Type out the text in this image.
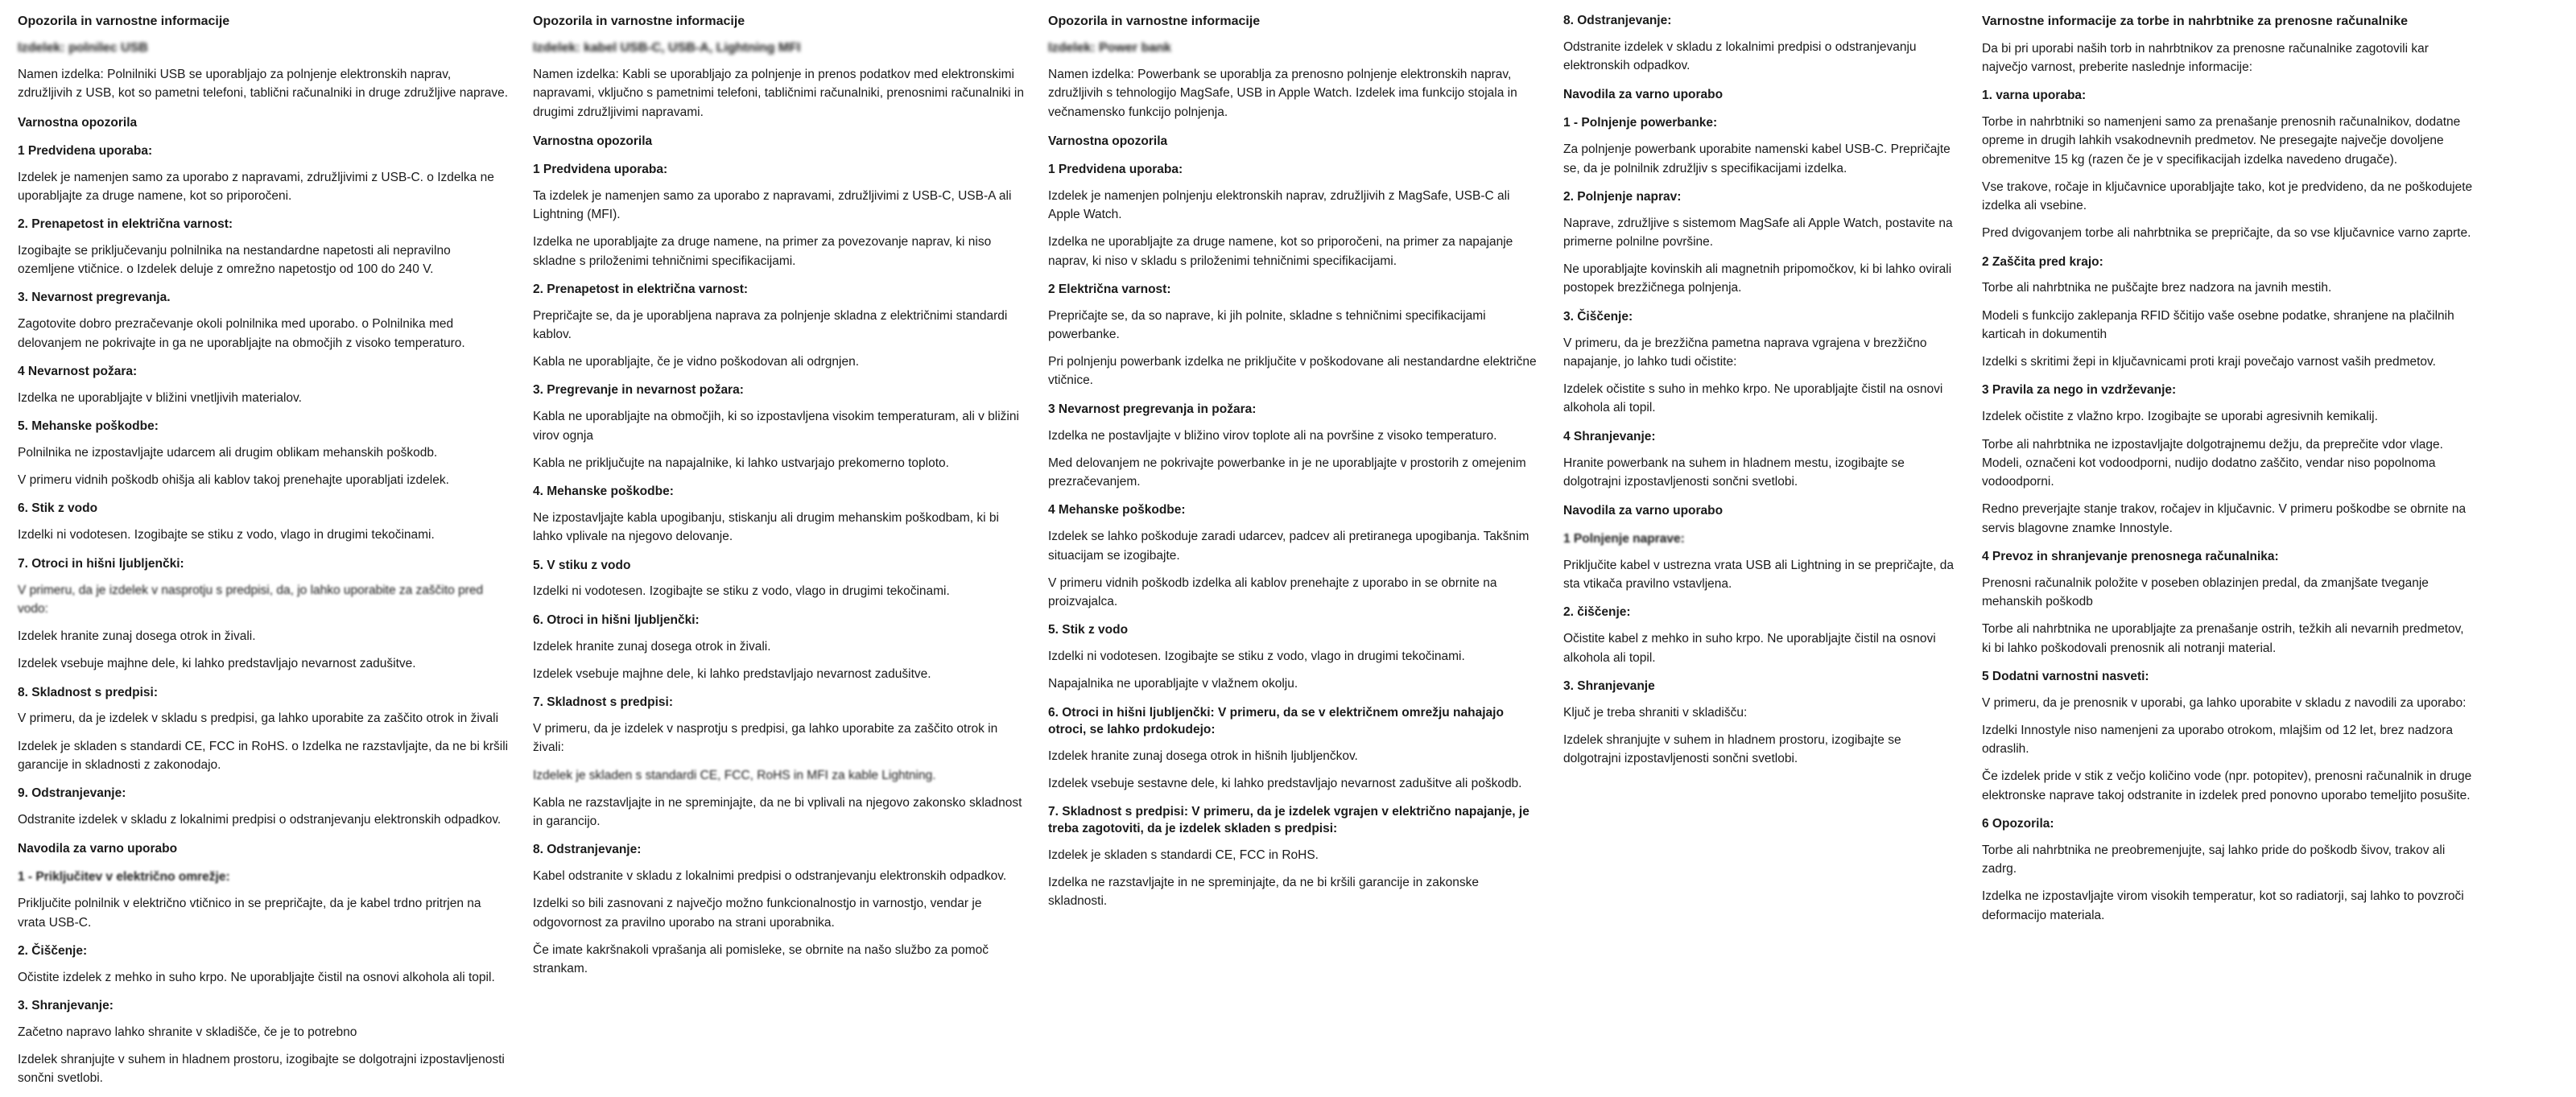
Opozorila in varnostne informacije
Izdelek: polnilec USB
Namen izdelka: Polnilniki USB se uporabljajo za polnjenje elektronskih naprav, združljivih z USB, kot so pametni telefoni, tablični računalniki in druge združljive naprave.
Varnostna opozorila
1 Predvidena uporaba:
Izdelek je namenjen samo za uporabo z napravami, združljivimi z USB-C. o Izdelka ne uporabljajte za druge namene, kot so priporočeni.
2. Prenapetost in električna varnost:
Izogibajte se priključevanju polnilnika na nestandardne napetosti ali nepravilno ozemljene vtičnice. o Izdelek deluje z omrežno napetostjo od 100 do 240 V.
3. Nevarnost pregrevanja.
Zagotovite dobro prezračevanje okoli polnilnika med uporabo. o Polnilnika med delovanjem ne pokrivajte in ga ne uporabljajte na območjih z visoko temperaturo.
4 Nevarnost požara:
Izdelka ne uporabljajte v bližini vnetljivih materialov.
5. Mehanske poškodbe:
Polnilnika ne izpostavljajte udarcem ali drugim oblikam mehanskih poškodb.
V primeru vidnih poškodb ohišja ali kablov takoj prenehajte uporabljati izdelek.
6. Stik z vodo
Izdelki ni vodotesen. Izogibajte se stiku z vodo, vlago in drugimi tekočinami.
7. Otroci in hišni ljubljenčki:
V primeru, da je izdelek v nasprotju s predpisi, da, jo lahko uporabite za zaščito pred vodo:
Izdelek hranite zunaj dosega otrok in živali.
Izdelek vsebuje majhne dele, ki lahko predstavljajo nevarnost zadušitve.
8. Skladnost s predpisi:
V primeru, da je izdelek v skladu s predpisi, ga lahko uporabite za zaščito otrok in živali
Izdelek je skladen s standardi CE, FCC in RoHS. o Izdelka ne razstavljajte, da ne bi kršili garancije in skladnosti z zakonodajo.
9. Odstranjevanje:
Odstranite izdelek v skladu z lokalnimi predpisi o odstranjevanju elektronskih odpadkov.
Navodila za varno uporabo
1 - Priključitev v električno omrežje:
Priključite polnilnik v električno vtičnico in se prepričajte, da je kabel trdno pritrjen na vrata USB-C.
2. Čiščenje:
Očistite izdelek z mehko in suho krpo. Ne uporabljajte čistil na osnovi alkohola ali topil.
3. Shranjevanje:
Začetno napravo lahko shranite v skladišče, če je to potrebno
Izdelek shranjujte v suhem in hladnem prostoru, izogibajte se dolgotrajni izpostavljenosti sončni svetlobi.
Opozorila in varnostne informacije
Izdelek: kabel USB-C, USB-A, Lightning MFI
Namen izdelka: Kabli se uporabljajo za polnjenje in prenos podatkov med elektronskimi napravami, vključno s pametnimi telefoni, tabličnimi računalniki, prenosnimi računalniki in drugimi združljivimi napravami.
Varnostna opozorila
1 Predvidena uporaba:
Ta izdelek je namenjen samo za uporabo z napravami, združljivimi z USB-C, USB-A ali Lightning (MFI).
Izdelka ne uporabljajte za druge namene, na primer za povezovanje naprav, ki niso skladne s priloženimi tehničnimi specifikacijami.
2. Prenapetost in električna varnost:
Prepričajte se, da je uporabljena naprava za polnjenje skladna z električnimi standardi kablov.
Kabla ne uporabljajte, če je vidno poškodovan ali odrgnjen.
3. Pregrevanje in nevarnost požara:
Kabla ne uporabljajte na območjih, ki so izpostavljena visokim temperaturam, ali v bližini virov ognja
Kabla ne priključujte na napajalnike, ki lahko ustvarjajo prekomerno toploto.
4. Mehanske poškodbe:
Ne izpostavljajte kabla upogibanju, stiskanju ali drugim mehanskim poškodbam, ki bi lahko vplivale na njegovo delovanje.
5. V stiku z vodo
Izdelki ni vodotesen. Izogibajte se stiku z vodo, vlago in drugimi tekočinami.
6. Otroci in hišni ljubljenčki:
Izdelek hranite zunaj dosega otrok in živali.
Izdelek vsebuje majhne dele, ki lahko predstavljajo nevarnost zadušitve.
7. Skladnost s predpisi:
V primeru, da je izdelek v nasprotju s predpisi, ga lahko uporabite za zaščito otrok in živali:
Izdelek je skladen s standardi CE, FCC, RoHS in MFI za kable Lightning.
Kabla ne razstavljajte in ne spreminjajte, da ne bi vplivali na njegovo zakonsko skladnost in garancijo.
8. Odstranjevanje:
Kabel odstranite v skladu z lokalnimi predpisi o odstranjevanju elektronskih odpadkov.
Izdelki so bili zasnovani z največjo možno funkcionalnostjo in varnostjo, vendar je odgovornost za pravilno uporabo na strani uporabnika.
Če imate kakršnakoli vprašanja ali pomisleke, se obrnite na našo službo za pomoč strankam.
Opozorila in varnostne informacije
Izdelek: Power bank
Namen izdelka: Powerbank se uporablja za prenosno polnjenje elektronskih naprav, združljivih s tehnologijo MagSafe, USB in Apple Watch. Izdelek ima funkcijo stojala in večnamensko funkcijo polnjenja.
Varnostna opozorila
1 Predvidena uporaba:
Izdelek je namenjen polnjenju elektronskih naprav, združljivih z MagSafe, USB-C ali Apple Watch.
Izdelka ne uporabljajte za druge namene, kot so priporočeni, na primer za napajanje naprav, ki niso v skladu s priloženimi tehničnimi specifikacijami.
2 Električna varnost:
Prepričajte se, da so naprave, ki jih polnite, skladne s tehničnimi specifikacijami powerbanke.
Pri polnjenju powerbank izdelka ne priključite v poškodovane ali nestandardne električne vtičnice.
3 Nevarnost pregrevanja in požara:
Izdelka ne postavljajte v bližino virov toplote ali na površine z visoko temperaturo.
Med delovanjem ne pokrivajte powerbanke in je ne uporabljajte v prostorih z omejenim prezračevanjem.
4 Mehanske poškodbe:
Izdelek se lahko poškoduje zaradi udarcev, padcev ali pretiranega upogibanja. Takšnim situacijam se izogibajte.
V primeru vidnih poškodb izdelka ali kablov prenehajte z uporabo in se obrnite na proizvajalca.
5. Stik z vodo
Izdelki ni vodotesen. Izogibajte se stiku z vodo, vlago in drugimi tekočinami.
Napajalnika ne uporabljajte v vlažnem okolju.
6. Otroci in hišni ljubljenčki: V primeru, da se v električnem omrežju nahajajo otroci, se lahko prdokudejo:
Izdelek hranite zunaj dosega otrok in hišnih ljubljenčkov.
Izdelek vsebuje sestavne dele, ki lahko predstavljajo nevarnost zadušitve ali poškodb.
7. Skladnost s predpisi: V primeru, da je izdelek vgrajen v električno napajanje, je treba zagotoviti, da je izdelek skladen s predpisi:
Izdelek je skladen s standardi CE, FCC in RoHS.
Izdelka ne razstavljajte in ne spreminjajte, da ne bi kršili garancije in zakonske skladnosti.
8. Odstranjevanje:
Odstranite izdelek v skladu z lokalnimi predpisi o odstranjevanju elektronskih odpadkov.
Navodila za varno uporabo
1 - Polnjenje powerbanke:
Za polnjenje powerbank uporabite namenski kabel USB-C. Prepričajte se, da je polnilnik združljiv s specifikacijami izdelka.
2. Polnjenje naprav:
Naprave, združljive s sistemom MagSafe ali Apple Watch, postavite na primerne polnilne površine.
Ne uporabljajte kovinskih ali magnetnih pripomočkov, ki bi lahko ovirali postopek brezžičnega polnjenja.
3. Čiščenje:
V primeru, da je brezžična pametna naprava vgrajena v brezžično napajanje, jo lahko tudi očistite:
Izdelek očistite s suho in mehko krpo. Ne uporabljajte čistil na osnovi alkohola ali topil.
4 Shranjevanje:
Hranite powerbank na suhem in hladnem mestu, izogibajte se dolgotrajni izpostavljenosti sončni svetlobi.
Navodila za varno uporabo
1 Polnjenje naprave:
Priključite kabel v ustrezna vrata USB ali Lightning in se prepričajte, da sta vtikača pravilno vstavljena.
2. čiščenje:
Očistite kabel z mehko in suho krpo. Ne uporabljajte čistil na osnovi alkohola ali topil.
3. Shranjevanje
Ključ je treba shraniti v skladišču:
Izdelek shranjujte v suhem in hladnem prostoru, izogibajte se dolgotrajni izpostavljenosti sončni svetlobi.
Varnostne informacije za torbe in nahrbtnike za prenosne računalnike
Da bi pri uporabi naših torb in nahrbtnikov za prenosne računalnike zagotovili kar največjo varnost, preberite naslednje informacije:
1. varna uporaba:
Torbe in nahrbtniki so namenjeni samo za prenašanje prenosnih računalnikov, dodatne opreme in drugih lahkih vsakodnevnih predmetov. Ne presegajte največje dovoljene obremenitve 15 kg (razen če je v specifikacijah izdelka navedeno drugače).
Vse trakove, ročaje in ključavnice uporabljajte tako, kot je predvideno, da ne poškodujete izdelka ali vsebine.
Pred dvigovanjem torbe ali nahrbtnika se prepričajte, da so vse ključavnice varno zaprte.
2 Zaščita pred krajo:
Torbe ali nahrbtnika ne puščajte brez nadzora na javnih mestih.
Modeli s funkcijo zaklepanja RFID ščitijo vaše osebne podatke, shranjene na plačilnih karticah in dokumentih
Izdelki s skritimi žepi in ključavnicami proti kraji povečajo varnost vaših predmetov.
3 Pravila za nego in vzdrževanje:
Izdelek očistite z vlažno krpo. Izogibajte se uporabi agresivnih kemikalij.
Torbe ali nahrbtnika ne izpostavljajte dolgotrajnemu dežju, da preprečite vdor vlage. Modeli, označeni kot vodoodporni, nudijo dodatno zaščito, vendar niso popolnoma vodoodporni.
Redno preverjajte stanje trakov, ročajev in ključavnic. V primeru poškodbe se obrnite na servis blagovne znamke Innostyle.
4 Prevoz in shranjevanje prenosnega računalnika:
Prenosni računalnik položite v poseben oblazinjen predal, da zmanjšate tveganje mehanskih poškodb
Torbe ali nahrbtnika ne uporabljajte za prenašanje ostrih, težkih ali nevarnih predmetov, ki bi lahko poškodovali prenosnik ali notranji material.
5 Dodatni varnostni nasveti:
V primeru, da je prenosnik v uporabi, ga lahko uporabite v skladu z navodili za uporabo:
Izdelki Innostyle niso namenjeni za uporabo otrokom, mlajšim od 12 let, brez nadzora odraslih.
Če izdelek pride v stik z večjo količino vode (npr. potopitev), prenosni računalnik in druge elektronske naprave takoj odstranite in izdelek pred ponovno uporabo temeljito posušite.
6 Opozorila:
Torbe ali nahrbtnika ne preobremenjujte, saj lahko pride do poškodb šivov, trakov ali zadrg.
Izdelka ne izpostavljajte virom visokih temperatur, kot so radiatorji, saj lahko to povzroči deformacijo materiala.
